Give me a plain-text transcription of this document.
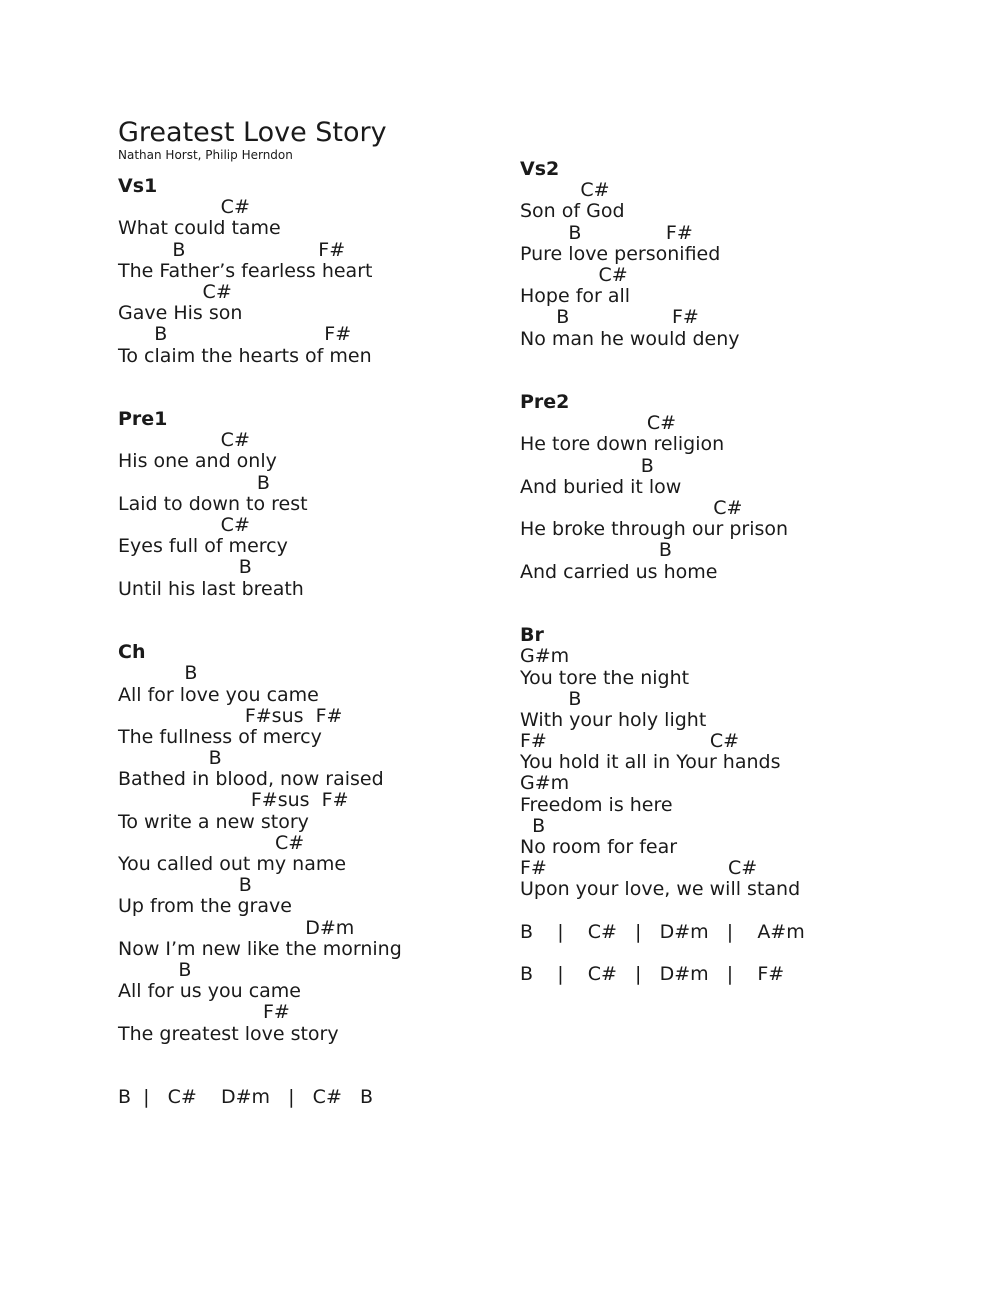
Greatest Love Story
Nathan Horst, Philip Herndon
Vs1
C#
What could tame
B                      F#
The Father’s fearless heart
C#
Gave His son
B                          F#
To claim the hearts of men
Pre1
C#
His one and only
B
Laid to down to rest
C#
Eyes full of mercy
B
Until his last breath
Ch
B
All for love you came
F#sus  F#
The fullness of mercy
B
Bathed in blood, now raised
F#sus  F#
To write a new story
C#
You called out my name
B
Up from the grave
D#m
Now I’m new like the morning
B
All for us you came
F#
The greatest love story
B  |   C#    D#m   |   C#   B
Vs2
C#
Son of God
B              F#
Pure love personified
C#
Hope for all
B                 F#
No man he would deny
Pre2
C#
He tore down religion
B
And buried it low
C#
He broke through our prison
B
And carried us home
Br
G#m
You tore the night
B
With your holy light
F#                           C#
You hold it all in Your hands
G#m
Freedom is here
B
No room for fear
F#                              C#
Upon your love, we will stand
B    |    C#   |   D#m   |    A#m
B    |    C#   |   D#m   |    F#
